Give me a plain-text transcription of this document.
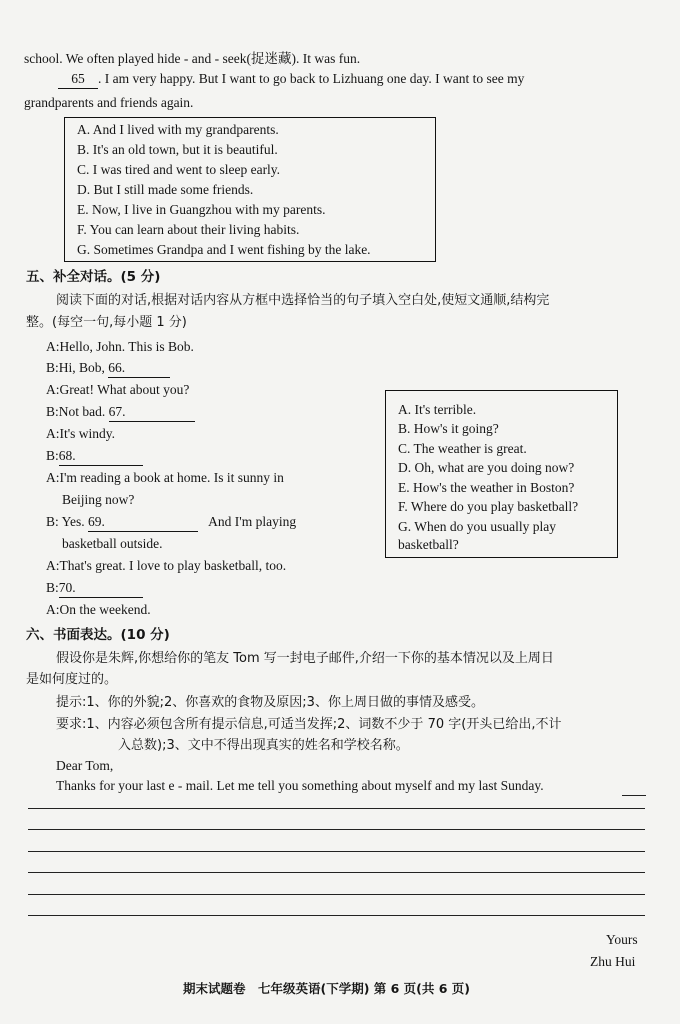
school. We often played hide - and - seek(捉迷藏). It was fun.
65 . I am very happy. But I want to go back to Lizhuang one day. I want to see my
grandparents and friends again.
A. And I lived with my grandparents.
B. It's an old town, but it is beautiful.
C. I was tired and went to sleep early.
D. But I still made some friends.
E. Now, I live in Guangzhou with my parents.
F. You can learn about their living habits.
G. Sometimes Grandpa and I went fishing by the lake.
五、补全对话。(5 分)
阅读下面的对话,根据对话内容从方框中选择恰当的句子填入空白处,使短文通顺,结构完
整。(每空一句,每小题 1 分)
A:Hello, John. This is Bob.
B:Hi, Bob, 66.
A:Great! What about you?
B:Not bad. 67.
A:It's windy.
B:68.
A:I'm reading a book at home. Is it sunny in
Beijing now?
B: Yes. 69.	And I'm playing
basketball outside.
A:That's great. I love to play basketball, too.
B:70.
A:On the weekend.
A. It's terrible.
B. How's it going?
C. The weather is great.
D. Oh, what are you doing now?
E. How's the weather in Boston?
F. Where do you play basketball?
G. When do you usually play
basketball?
六、书面表达。(10 分)
假设你是朱辉,你想给你的笔友 Tom 写一封电子邮件,介绍一下你的基本情况以及上周日
是如何度过的。
提示:1、你的外貌;2、你喜欢的食物及原因;3、你上周日做的事情及感受。
要求:1、内容必须包含所有提示信息,可适当发挥;2、词数不少于 70 字(开头已给出,不计
入总数);3、文中不得出现真实的姓名和学校名称。
Dear Tom,
Thanks for your last e - mail. Let me tell you something about myself and my last Sunday.
Yours
Zhu Hui
期末试题卷　七年级英语(下学期) 第 6 页(共 6 页)
